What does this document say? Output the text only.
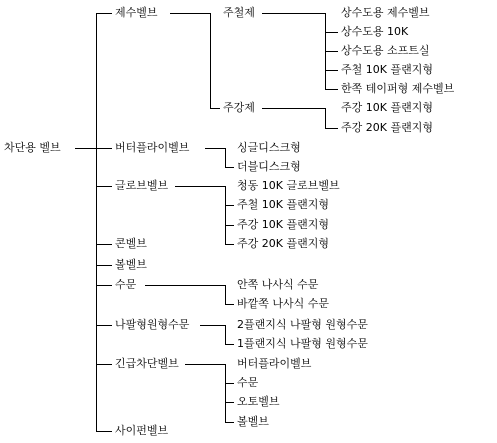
차단용 벨브
제수벨브
버터플라이벨브
글로브벨브
콘벨브
볼벨브
수문
나팔형원형수문
긴급차단벨브
사이펀벨브
주철제
주강제
상수도용 제수벨브
상수도용 10K
상수도용 소프트실
주철 10K 플랜지형
한쪽 테이퍼형 제수벨브
주강 10K 플랜지형
주강 20K 플랜지형
싱글디스크형
더블디스크형
청동 10K 글로브벨브
주철 10K 플랜지형
주강 10K 플랜지형
주강 20K 플랜지형
안쪽 나사식 수문
바깥쪽 나사식 수문
2플랜지식 나팔형 원형수문
1플랜지식 나팔형 원형수문
버터플라이벨브
수문
오토벨브
볼벨브
